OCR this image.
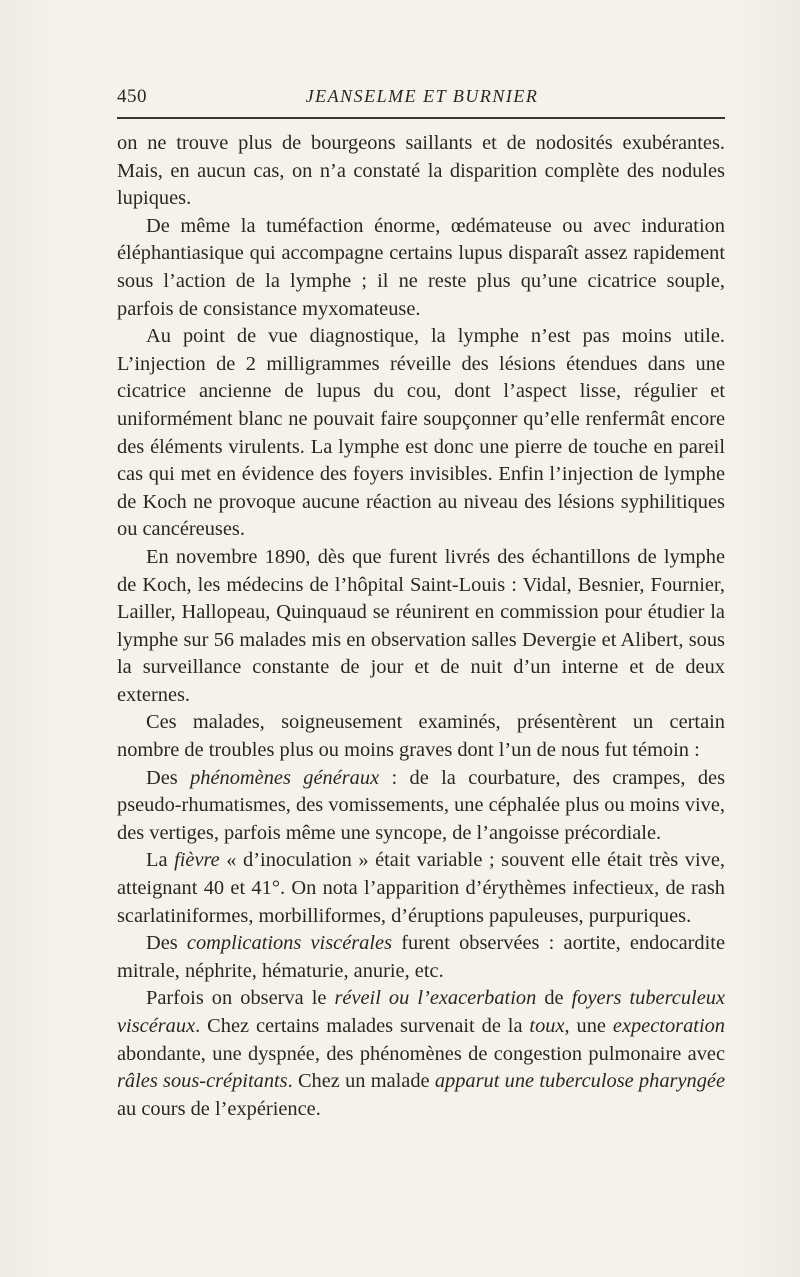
450	JEANSELME ET BURNIER

on ne trouve plus de bourgeons saillants et de nodosités exubérantes. Mais, en aucun cas, on n’a constaté la disparition complète des nodules lupiques.

De même la tuméfaction énorme, œdémateuse ou avec induration éléphantiasique qui accompagne certains lupus disparaît assez rapidement sous l’action de la lymphe ; il ne reste plus qu’une cicatrice souple, parfois de consistance myxomateuse.

Au point de vue diagnostique, la lymphe n’est pas moins utile. L’injection de 2 milligrammes réveille des lésions étendues dans une cicatrice ancienne de lupus du cou, dont l’aspect lisse, régulier et uniformément blanc ne pouvait faire soupçonner qu’elle renfermât encore des éléments virulents. La lymphe est donc une pierre de touche en pareil cas qui met en évidence des foyers invisibles. Enfin l’injection de lymphe de Koch ne provoque aucune réaction au niveau des lésions syphilitiques ou cancéreuses.

En novembre 1890, dès que furent livrés des échantillons de lymphe de Koch, les médecins de l’hôpital Saint-Louis : Vidal, Besnier, Fournier, Lailler, Hallopeau, Quinquaud se réunirent en commission pour étudier la lymphe sur 56 malades mis en observation salles Devergie et Alibert, sous la surveillance constante de jour et de nuit d’un interne et de deux externes.

Ces malades, soigneusement examinés, présentèrent un certain nombre de troubles plus ou moins graves dont l’un de nous fut témoin :

Des phénomènes généraux : de la courbature, des crampes, des pseudo-rhumatismes, des vomissements, une céphalée plus ou moins vive, des vertiges, parfois même une syncope, de l’angoisse précordiale.

La fièvre « d’inoculation » était variable ; souvent elle était très vive, atteignant 40 et 41°. On nota l’apparition d’érythèmes infectieux, de rash scarlatiniformes, morbilliformes, d’éruptions papuleuses, purpuriques.

Des complications viscérales furent observées : aortite, endocardite mitrale, néphrite, hématurie, anurie, etc.

Parfois on observa le réveil ou l’exacerbation de foyers tuberculeux viscéraux. Chez certains malades survenait de la toux, une expectoration abondante, une dyspnée, des phénomènes de congestion pulmonaire avec râles sous-crépitants. Chez un malade apparut une tuberculose pharyngée au cours de l’expérience.
